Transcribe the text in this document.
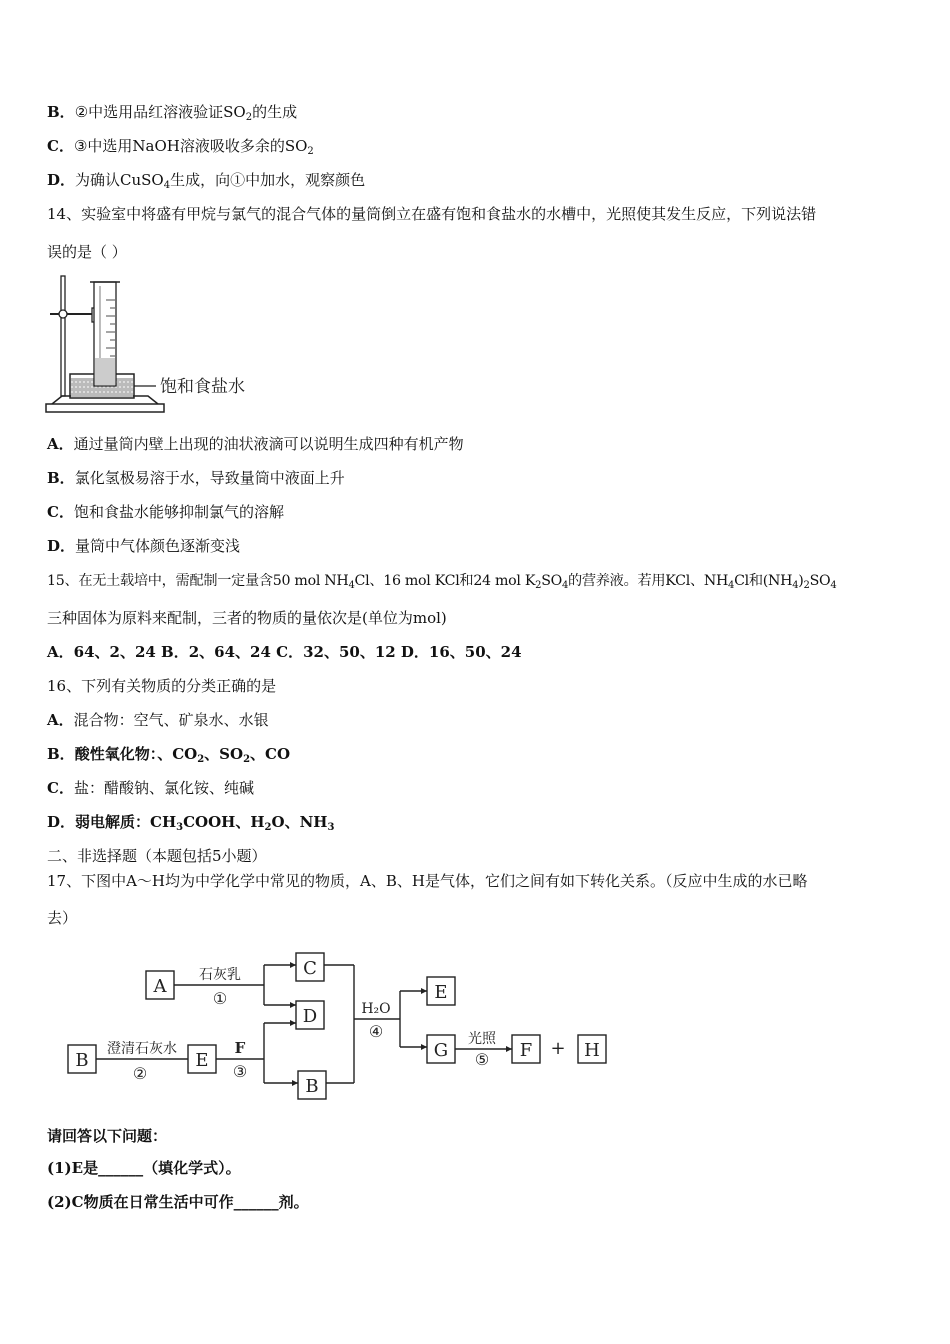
B．②中选用品红溶液验证$SO_2$的生成
C．③中选用NaOH溶液吸收多余的$SO_2$
D．为确认CuSO$_4$生成，向①中加水，观察颜色
14、实验室中将盛有甲烷与氯气的混合气体的量筒倒立在盛有饱和食盐水的水槽中，光照使其发生反应，下列说法错
误的是（ ）
饱和食盐水
A．通过量筒内壁上出现的油状液滴可以说明生成四种有机产物
B．氯化氢极易溶于水，导致量筒中液面上升
C．饱和食盐水能够抑制氯气的溶解
D．量筒中气体颜色逐渐变浅
15、在无土载培中，需配制一定量含50 mol $NH_4Cl$、16 mol KCl和24 mol $K_2SO_4$的营养液。若用KCl、$NH_4Cl$和$(NH_4)_2SO_4$
三种固体为原料来配制，三者的物质的量依次是(单位为mol)
A．64、2、24 B．2、64、24 C．32、50、12 D．16、50、24
16、下列有关物质的分类正确的是
A．混合物：空气、矿泉水、水银
B．酸性氧化物：、$CO_2$、$SO_2$、CO
C．盐：醋酸钠、氯化铵、纯碱
D．弱电解质：$CH_3COOH$、$H_2O$、$NH_3$
二、非选择题（本题包括5小题）
17、下图中A～H均为中学化学中常见的物质，A、B、H是气体，它们之间有如下转化关系。（反应中生成的水已略
去）
A
C
D
B	E
B
E
G	F	H
石灰乳
①
澄清石灰水
②
F
③
H₂O
④	光照
⑤
+
请回答以下问题：
(1)E是______（填化学式）。
(2)C物质在日常生活中可作______剂。
